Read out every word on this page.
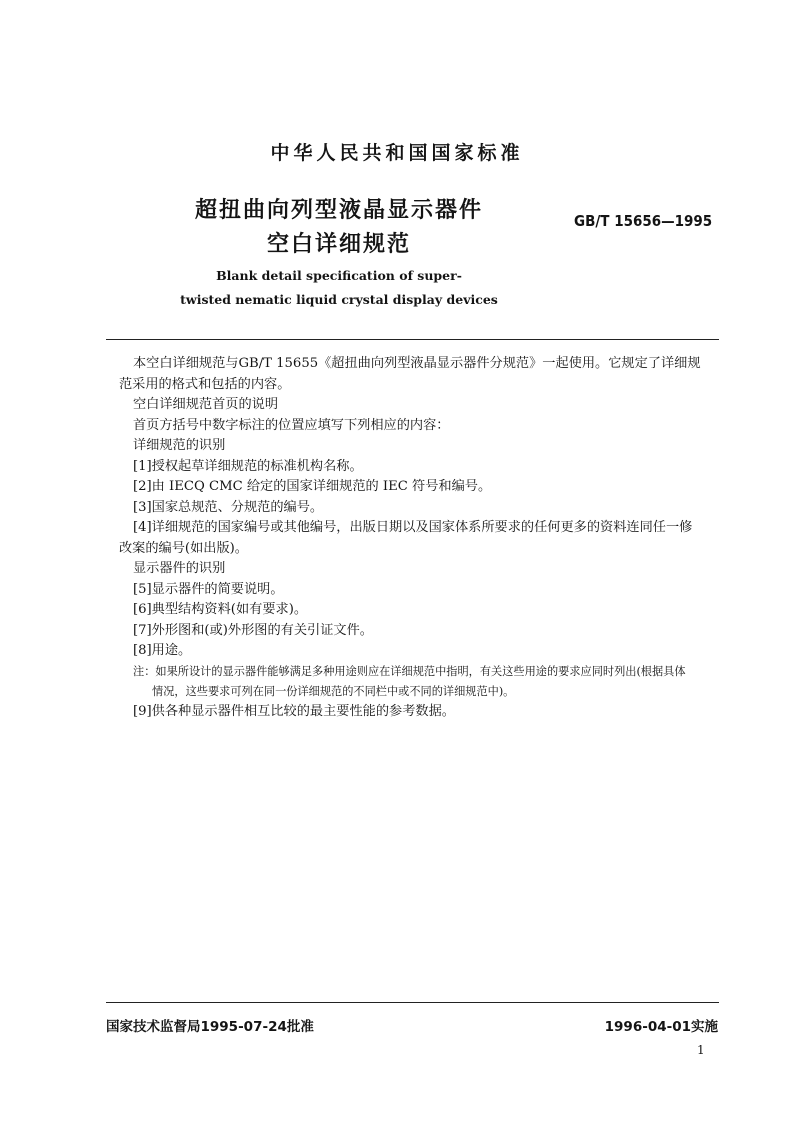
中华人民共和国国家标准
超扭曲向列型液晶显示器件
空白详细规范
GB/T 15656—1995
Blank detail specification of super-
twisted nematic liquid crystal display devices

本空白详细规范与GB/T 15655《超扭曲向列型液晶显示器件分规范》一起使用。它规定了详细规

范采用的格式和包括的内容。

空白详细规范首页的说明

首页方括号中数字标注的位置应填写下列相应的内容：

详细规范的识别

[1]授权起草详细规范的标准机构名称。

[2]由 IECQ CMC 给定的国家详细规范的 IEC 符号和编号。

[3]国家总规范、分规范的编号。

[4]详细规范的国家编号或其他编号，出版日期以及国家体系所要求的任何更多的资料连同任一修

改案的编号(如出版)。

显示器件的识别

[5]显示器件的简要说明。

[6]典型结构资料(如有要求)。

[7]外形图和(或)外形图的有关引证文件。

[8]用途。

注：如果所设计的显示器件能够满足多种用途则应在详细规范中指明，有关这些用途的要求应同时列出(根据具体
情况，这些要求可列在同一份详细规范的不同栏中或不同的详细规范中)。

[9]供各种显示器件相互比较的最主要性能的参考数据。

国家技术监督局1995-07-24批准	1996-04-01实施
1
